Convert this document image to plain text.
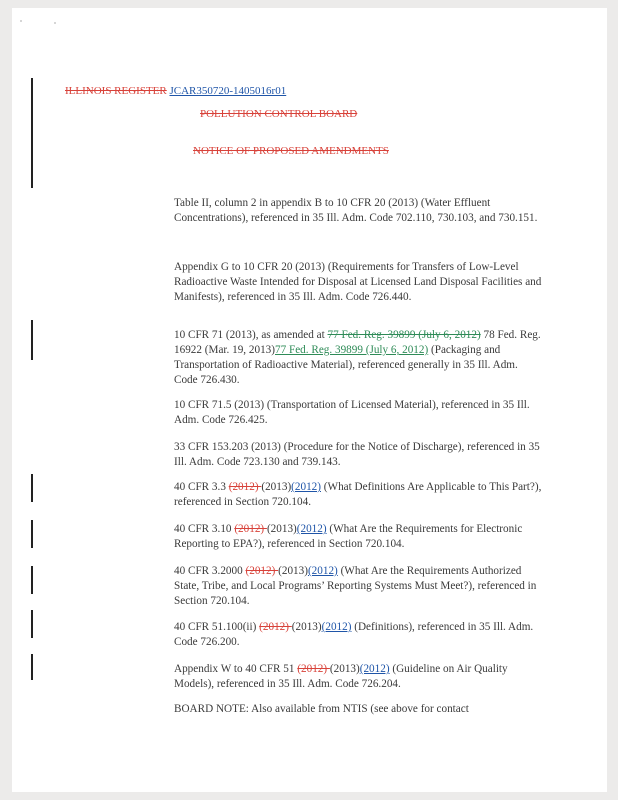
ILLINOIS REGISTER JCAR350720-1405016r01
POLLUTION CONTROL BOARD
NOTICE OF PROPOSED AMENDMENTS
Table II, column 2 in appendix B to 10 CFR 20 (2013) (Water Effluent Concentrations), referenced in 35 Ill. Adm. Code 702.110, 730.103, and 730.151.
Appendix G to 10 CFR 20 (2013) (Requirements for Transfers of Low-Level Radioactive Waste Intended for Disposal at Licensed Land Disposal Facilities and Manifests), referenced in 35 Ill. Adm. Code 726.440.
10 CFR 71 (2013), as amended at 77 Fed. Reg. 39899 (July 6, 2012) 78 Fed. Reg. 16922 (Mar. 19, 2013)77 Fed. Reg. 39899 (July 6, 2012) (Packaging and Transportation of Radioactive Material), referenced generally in 35 Ill. Adm. Code 726.430.
10 CFR 71.5 (2013) (Transportation of Licensed Material), referenced in 35 Ill. Adm. Code 726.425.
33 CFR 153.203 (2013) (Procedure for the Notice of Discharge), referenced in 35 Ill. Adm. Code 723.130 and 739.143.
40 CFR 3.3 (2012) (2013)(2012) (What Definitions Are Applicable to This Part?), referenced in Section 720.104.
40 CFR 3.10 (2012) (2013)(2012) (What Are the Requirements for Electronic Reporting to EPA?), referenced in Section 720.104.
40 CFR 3.2000 (2012) (2013)(2012) (What Are the Requirements Authorized State, Tribe, and Local Programs’ Reporting Systems Must Meet?), referenced in Section 720.104.
40 CFR 51.100(ii) (2012) (2013)(2012) (Definitions), referenced in 35 Ill. Adm. Code 726.200.
Appendix W to 40 CFR 51 (2012) (2013)(2012) (Guideline on Air Quality Models), referenced in 35 Ill. Adm. Code 726.204.
BOARD NOTE: Also available from NTIS (see above for contact
